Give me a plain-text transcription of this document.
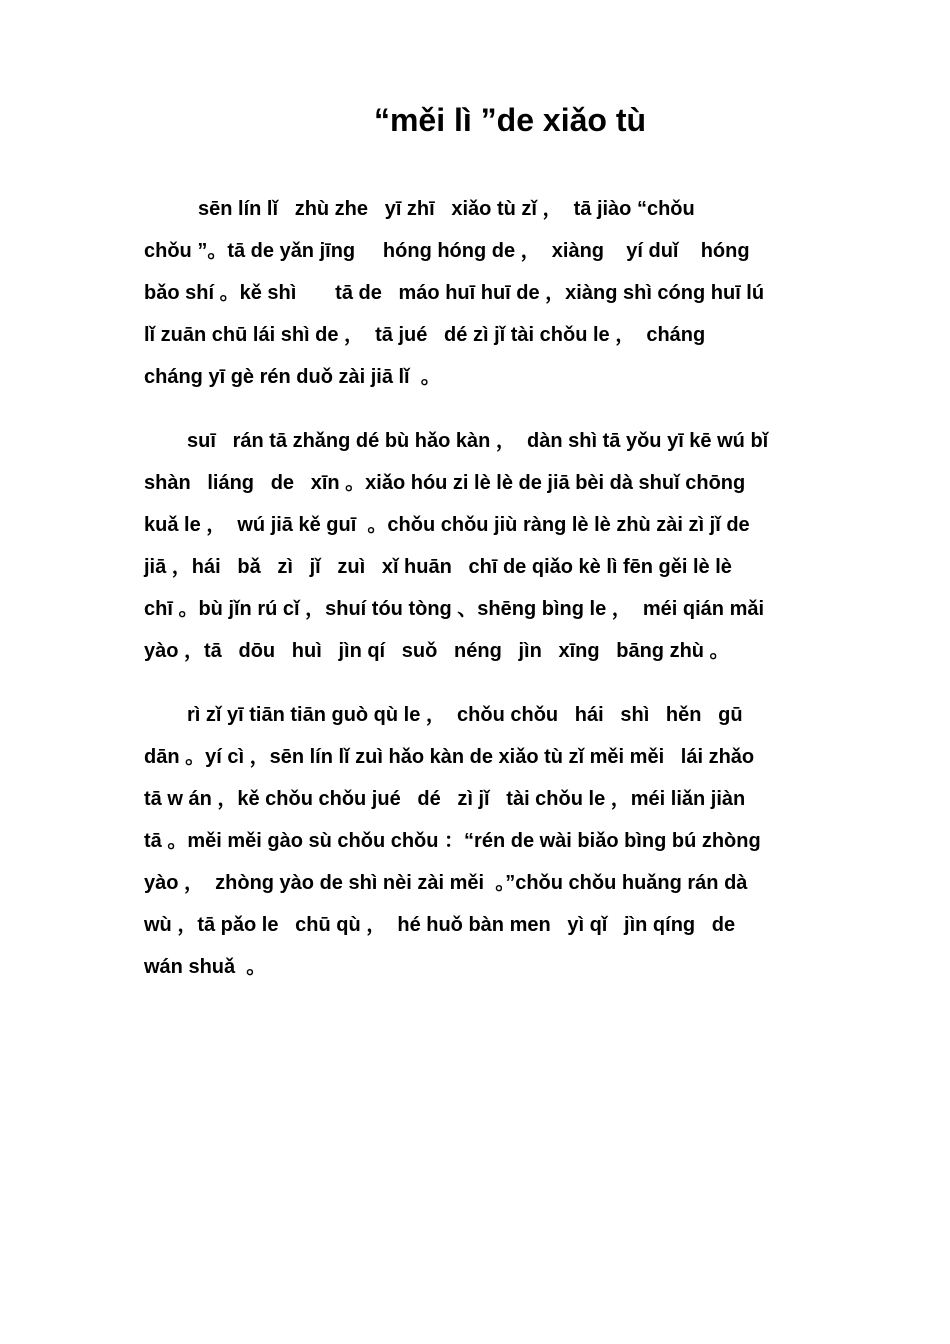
“měi lì ”de xiǎo tù
sēn lín lǐ   zhù zhe   yī zhī   xiǎo tù zǐ ，  tā jiào “chǒu
chǒu ”。tā de yǎn jīng     hóng hóng de ，  xiàng    yí duǐ    hóng
bǎo shí 。kě shì       tā de   máo huī huī de ，xiàng shì cóng huī lú
lǐ zuān chū lái shì de ，  tā jué   dé zì jǐ tài chǒu le ，  cháng
cháng yī gè rén duǒ zài jiā lǐ  。
suī   rán tā zhǎng dé bù hǎo kàn ，  dàn shì tā yǒu yī kē wú bǐ
shàn   liáng   de   xīn 。xiǎo hóu zi lè lè de jiā bèi dà shuǐ chōng
kuǎ le ，  wú jiā kě guī  。chǒu chǒu jiù ràng lè lè zhù zài zì jǐ de
jiā ，hái   bǎ   zì   jǐ   zuì   xǐ huān   chī de qiǎo kè lì fēn gěi lè lè
chī 。bù jǐn rú cǐ ，shuí tóu tòng 、shēng bìng le ，  méi qián mǎi
yào ，tā   dōu   huì   jìn qí   suǒ   néng   jìn   xīng   bāng zhù 。
rì zǐ yī tiān tiān guò qù le ，  chǒu chǒu   hái   shì   hěn   gū
dān 。yí cì ，sēn lín lǐ zuì hǎo kàn de xiǎo tù zǐ měi měi   lái zhǎo
tā w án ，kě chǒu chǒu jué   dé   zì jǐ   tài chǒu le ，méi liǎn jiàn
tā 。měi měi gào sù chǒu chǒu ：“rén de wài biǎo bìng bú zhòng
yào ，  zhòng yào de shì nèi zài měi  。”chǒu chǒu huǎng rán dà
wù ，tā pǎo le   chū qù ，  hé huǒ bàn men   yì qǐ   jìn qíng   de
wán shuǎ  。
